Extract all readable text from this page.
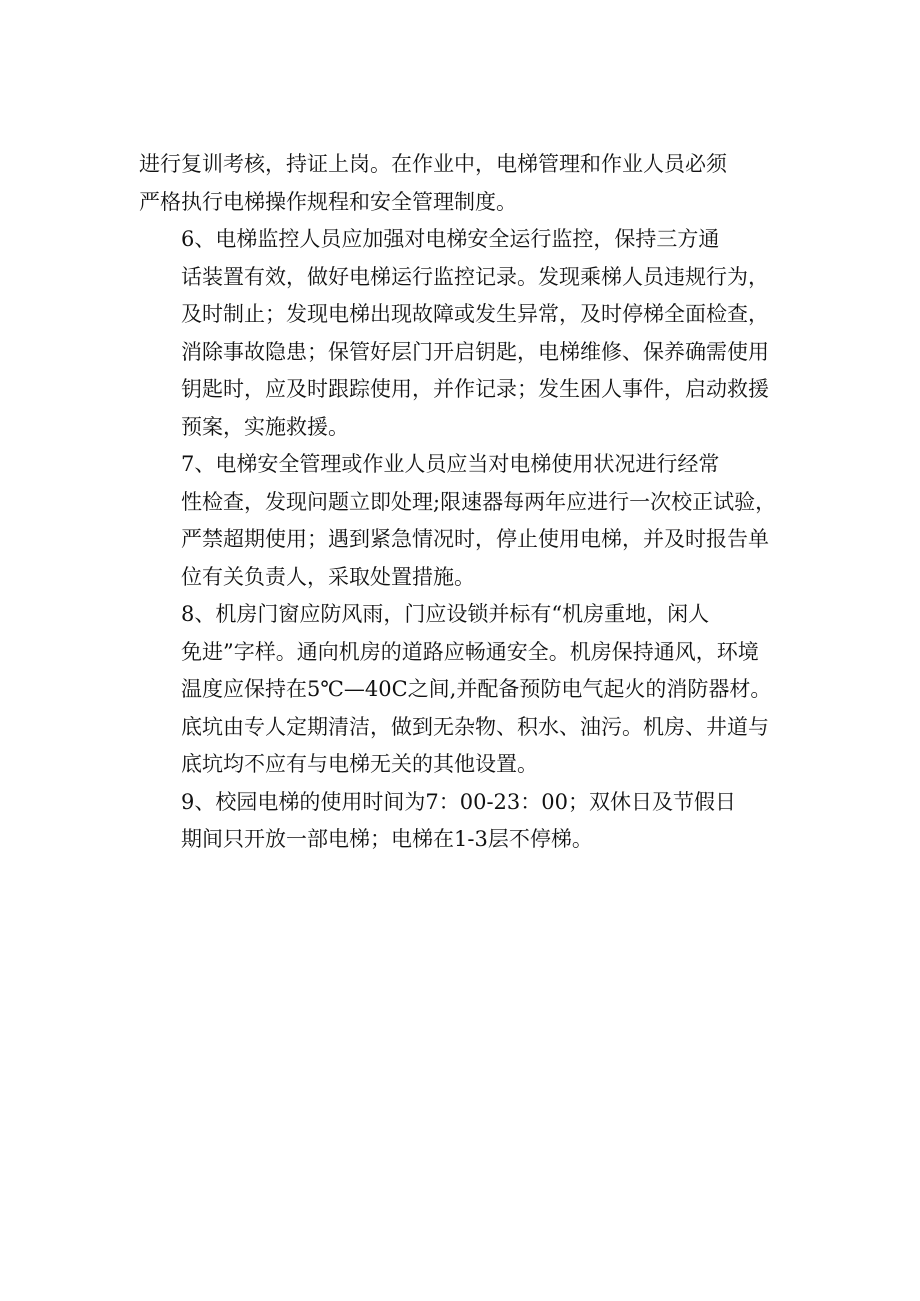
进行复训考核，持证上岗。在作业中，电梯管理和作业人员必须
严格执行电梯操作规程和安全管理制度。

6、电梯监控人员应加强对电梯安全运行监控，保持三方通
话装置有效，做好电梯运行监控记录。发现乘梯人员违规行为，
及时制止；发现电梯出现故障或发生异常，及时停梯全面检查，
消除事故隐患；保管好层门开启钥匙，电梯维修、保养确需使用
钥匙时，应及时跟踪使用，并作记录；发生困人事件，启动救援
预案，实施救援。

7、电梯安全管理或作业人员应当对电梯使用状况进行经常
性检查，发现问题立即处理;限速器每两年应进行一次校正试验，
严禁超期使用；遇到紧急情况时，停止使用电梯，并及时报告单
位有关负责人，采取处置措施。

8、机房门窗应防风雨，门应设锁并标有“机房重地，闲人
免进”字样。通向机房的道路应畅通安全。机房保持通风，环境
温度应保持在5℃—40C之间,并配备预防电气起火的消防器材。
底坑由专人定期清洁，做到无杂物、积水、油污。机房、井道与
底坑均不应有与电梯无关的其他设置。

9、校园电梯的使用时间为7：00-23：00；双休日及节假日
期间只开放一部电梯；电梯在1-3层不停梯。
